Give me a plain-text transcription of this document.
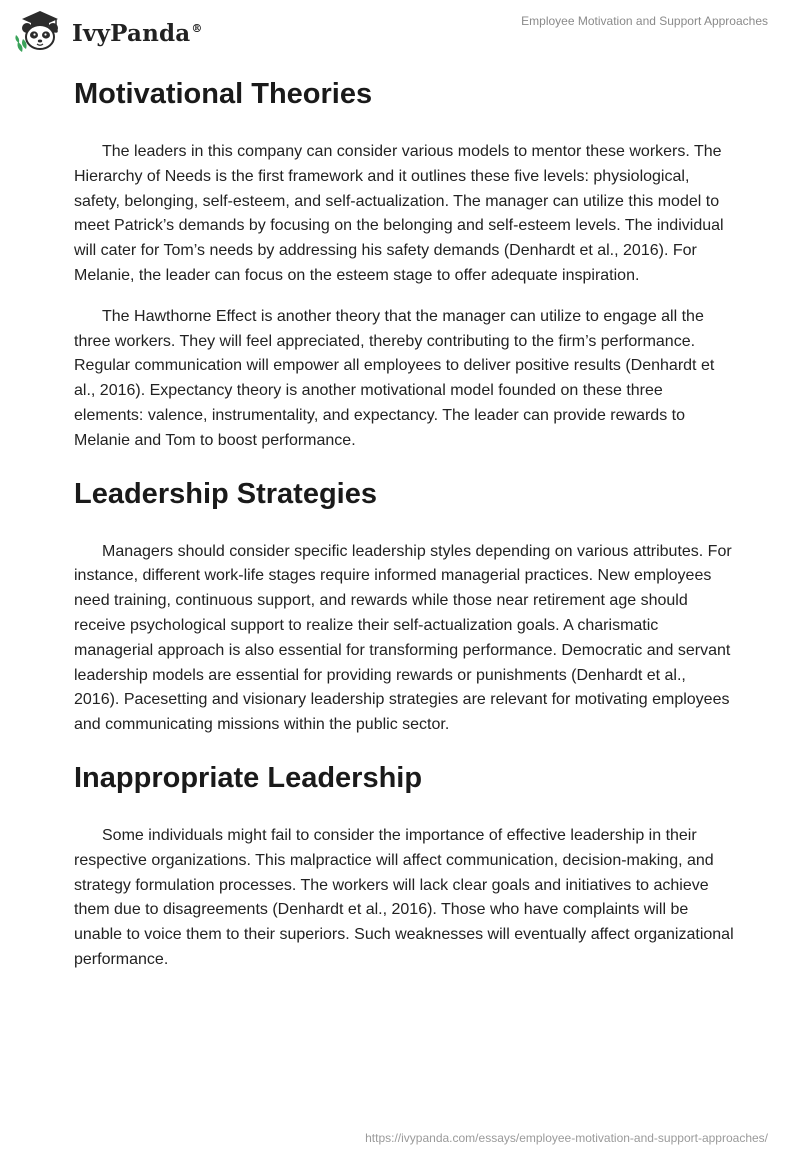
IvyPanda®
Employee Motivation and Support Approaches
Motivational Theories

The leaders in this company can consider various models to mentor these workers. The Hierarchy of Needs is the first framework and it outlines these five levels: physiological, safety, belonging, self-esteem, and self-actualization. The manager can utilize this model to meet Patrick’s demands by focusing on the belonging and self-esteem levels. The individual will cater for Tom’s needs by addressing his safety demands (Denhardt et al., 2016). For Melanie, the leader can focus on the esteem stage to offer adequate inspiration.

The Hawthorne Effect is another theory that the manager can utilize to engage all the three workers. They will feel appreciated, thereby contributing to the firm’s performance. Regular communication will empower all employees to deliver positive results (Denhardt et al., 2016). Expectancy theory is another motivational model founded on these three elements: valence, instrumentality, and expectancy. The leader can provide rewards to Melanie and Tom to boost performance.

Leadership Strategies

Managers should consider specific leadership styles depending on various attributes. For instance, different work-life stages require informed managerial practices. New employees need training, continuous support, and rewards while those near retirement age should receive psychological support to realize their self-actualization goals. A charismatic managerial approach is also essential for transforming performance. Democratic and servant leadership models are essential for providing rewards or punishments (Denhardt et al., 2016). Pacesetting and visionary leadership strategies are relevant for motivating employees and communicating missions within the public sector.

Inappropriate Leadership

Some individuals might fail to consider the importance of effective leadership in their respective organizations. This malpractice will affect communication, decision-making, and strategy formulation processes. The workers will lack clear goals and initiatives to achieve them due to disagreements (Denhardt et al., 2016). Those who have complaints will be unable to voice them to their superiors. Such weaknesses will eventually affect organizational performance.

https://ivypanda.com/essays/employee-motivation-and-support-approaches/
